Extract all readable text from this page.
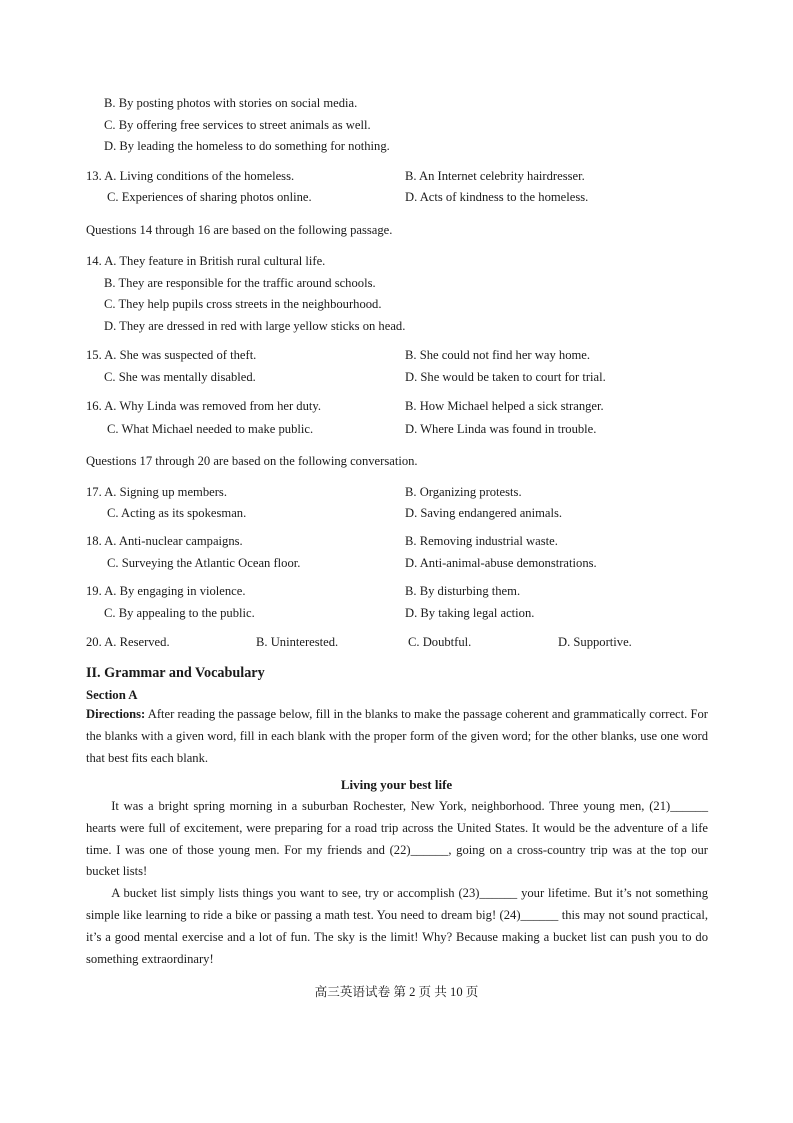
B. By posting photos with stories on social media.
C. By offering free services to street animals as well.
D. By leading the homeless to do something for nothing.
13. A. Living conditions of the homeless.	B. An Internet celebrity hairdresser.
C. Experiences of sharing photos online.	D. Acts of kindness to the homeless.
Questions 14 through 16 are based on the following passage.
14. A. They feature in British rural cultural life.
B. They are responsible for the traffic around schools.
C. They help pupils cross streets in the neighbourhood.
D. They are dressed in red with large yellow sticks on head.
15. A. She was suspected of theft.	B. She could not find her way home.
C. She was mentally disabled.	D. She would be taken to court for trial.
16. A. Why Linda was removed from her duty.	B. How Michael helped a sick stranger.
C. What Michael needed to make public.	D. Where Linda was found in trouble.
Questions 17 through 20 are based on the following conversation.
17. A. Signing up members.	B. Organizing protests.
C. Acting as its spokesman.	D. Saving endangered animals.
18. A. Anti-nuclear campaigns.	B. Removing industrial waste.
C. Surveying the Atlantic Ocean floor.	D. Anti-animal-abuse demonstrations.
19. A. By engaging in violence.	B. By disturbing them.
C. By appealing to the public.	D. By taking legal action.
20. A. Reserved.	B. Uninterested.	C. Doubtful.	D. Supportive.
II. Grammar and Vocabulary
Section A

Directions: After reading the passage below, fill in the blanks to make the passage coherent and grammatically correct. For the blanks with a given word, fill in each blank with the proper form of the given word; for the other blanks, use one word that best fits each blank.

Living your best life

It was a bright spring morning in a suburban Rochester, New York, neighborhood. Three young men, (21)______ hearts were full of excitement, were preparing for a road trip across the United States. It would be the adventure of a life time. I was one of those young men. For my friends and (22)______, going on a cross-country trip was at the top our bucket lists!

A bucket list simply lists things you want to see, try or accomplish (23)______ your lifetime. But it’s not something simple like learning to ride a bike or passing a math test. You need to dream big! (24)______ this may not sound practical, it’s a good mental exercise and a lot of fun. The sky is the limit! Why? Because making a bucket list can push you to do something extraordinary!

高三英语试卷 第 2 页 共 10 页
